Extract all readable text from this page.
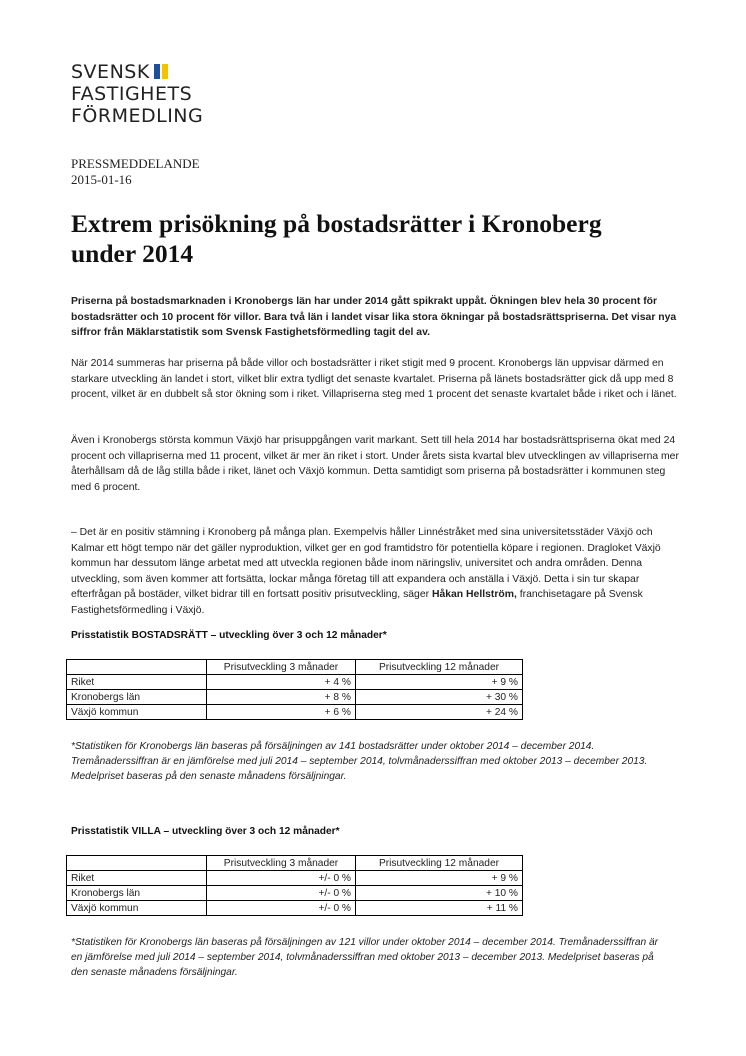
SVENSK
FASTIGHETS
FÖRMEDLING
PRESSMEDDELANDE
2015-01-16
Extrem prisökning på bostadsrätter i Kronoberg under 2014

Priserna på bostadsmarknaden i Kronobergs län har under 2014 gått spikrakt uppåt. Ökningen blev hela 30 procent för bostadsrätter och 10 procent för villor. Bara två län i landet visar lika stora ökningar på bostadsrättspriserna. Det visar nya siffror från Mäklarstatistik som Svensk Fastighetsförmedling tagit del av.

När 2014 summeras har priserna på både villor och bostadsrätter i riket stigit med 9 procent. Kronobergs län uppvisar därmed en starkare utveckling än landet i stort, vilket blir extra tydligt det senaste kvartalet. Priserna på länets bostadsrätter gick då upp med 8 procent, vilket är en dubbelt så stor ökning som i riket. Villapriserna steg med 1 procent det senaste kvartalet både i riket och i länet.

Även i Kronobergs största kommun Växjö har prisuppgången varit markant. Sett till hela 2014 har bostadsrättspriserna ökat med 24 procent och villapriserna med 11 procent, vilket är mer än riket i stort. Under årets sista kvartal blev utvecklingen av villapriserna mer återhållsam då de låg stilla både i riket, länet och Växjö kommun. Detta samtidigt som priserna på bostadsrätter i kommunen steg med 6 procent.

– Det är en positiv stämning i Kronoberg på många plan. Exempelvis håller Linnéstråket med sina universitetsstäder Växjö och Kalmar ett högt tempo när det gäller nyproduktion, vilket ger en god framtidstro för potentiella köpare i regionen. Dragloket Växjö kommun har dessutom länge arbetat med att utveckla regionen både inom näringsliv, universitet och andra områden. Denna utveckling, som även kommer att fortsätta, lockar många företag till att expandera och anställa i Växjö. Detta i sin tur skapar efterfrågan på bostäder, vilket bidrar till en fortsatt positiv prisutveckling, säger Håkan Hellström, franchisetagare på Svensk Fastighetsförmedling i Växjö.

Prisstatistik BOSTADSRÄTT – utveckling över 3 och 12 månader*
	Prisutveckling 3 månader	Prisutveckling 12 månader
Riket	+ 4 %	+ 9 %
Kronobergs län	+ 8 %	+ 30 %
Växjö kommun	+ 6 %	+ 24 %

*Statistiken för Kronobergs län baseras på försäljningen av 141 bostadsrätter under oktober 2014 – december 2014. Tremånaderssiffran är en jämförelse med juli 2014 – september 2014, tolvmånaderssiffran med oktober 2013 – december 2013. Medelpriset baseras på den senaste månadens försäljningar.

Prisstatistik VILLA – utveckling över 3 och 12 månader*
	Prisutveckling 3 månader	Prisutveckling 12 månader
Riket	+/- 0 %	+ 9 %
Kronobergs län	+/- 0 %	+ 10 %
Växjö kommun	+/- 0 %	+ 11 %

*Statistiken för Kronobergs län baseras på försäljningen av 121 villor under oktober 2014 – december 2014. Tremånaderssiffran är en jämförelse med juli 2014 – september 2014, tolvmånaderssiffran med oktober 2013 – december 2013. Medelpriset baseras på den senaste månadens försäljningar.
